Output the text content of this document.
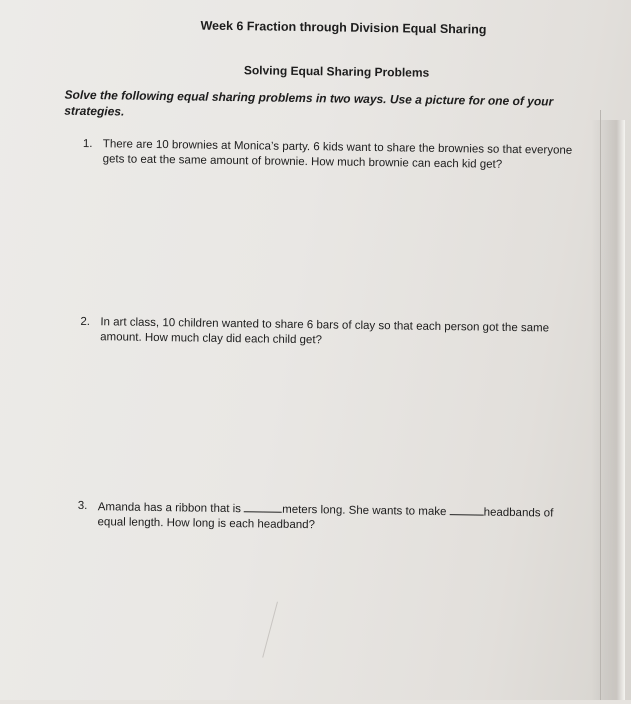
Week 6 Fraction through Division Equal Sharing
Solving Equal Sharing Problems
Solve the following equal sharing problems in two ways. Use a picture for one of your strategies.
1. There are 10 brownies at Monica’s party. 6 kids want to share the brownies so that everyone gets to eat the same amount of brownie. How much brownie can each kid get?
2. In art class, 10 children wanted to share 6 bars of clay so that each person got the same amount. How much clay did each child get?
3. Amanda has a ribbon that is	meters long. She wants to make	headbands of equal length. How long is each headband?
